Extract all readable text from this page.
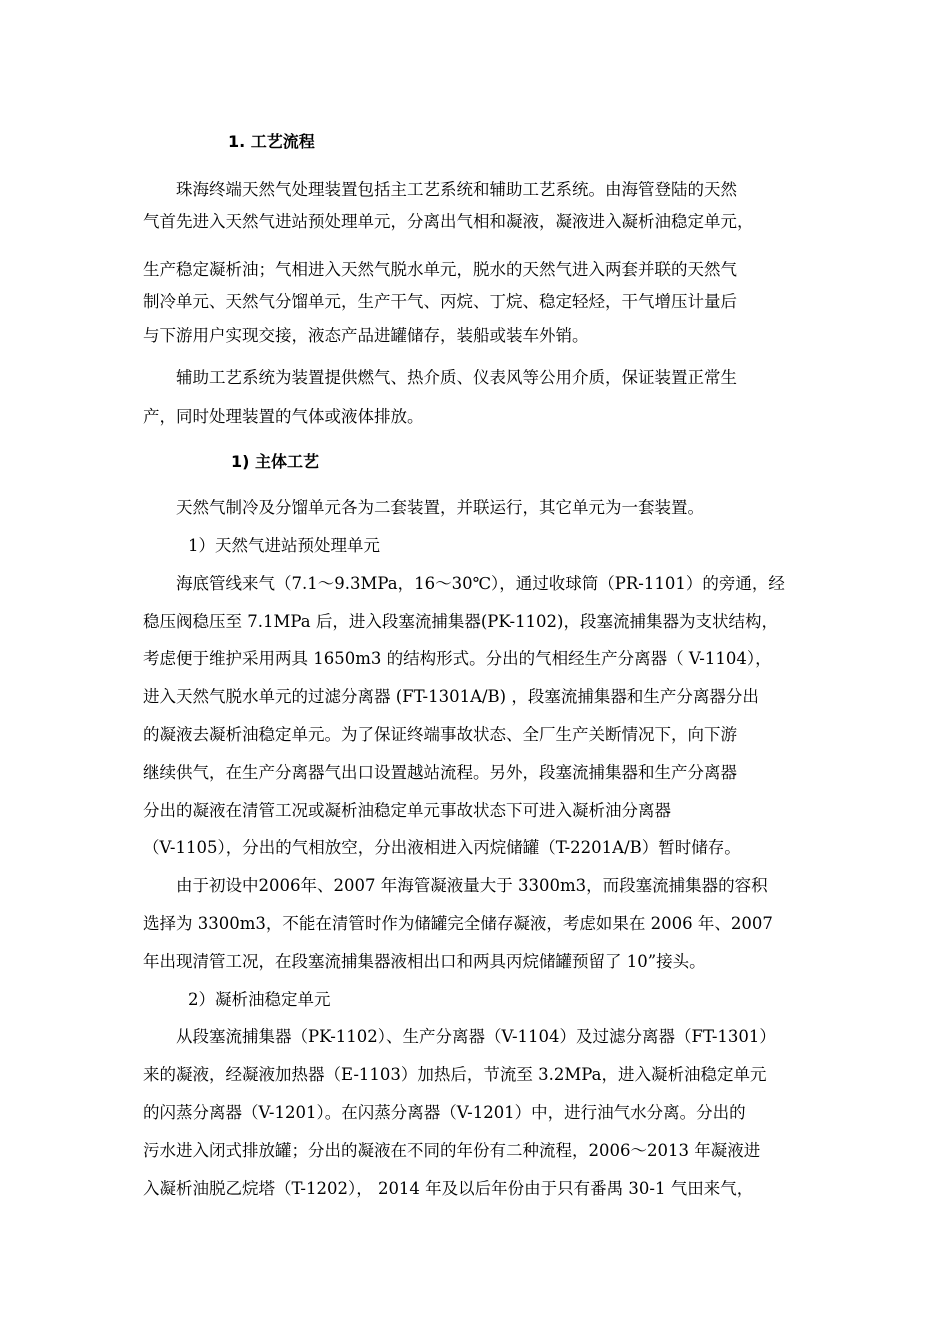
1. 工艺流程
珠海终端天然气处理装置包括主工艺系统和辅助工艺系统。由海管登陆的天然
气首先进入天然气进站预处理单元，分离出气相和凝液，凝液进入凝析油稳定单元，
生产稳定凝析油；气相进入天然气脱水单元，脱水的天然气进入两套并联的天然气
制冷单元、天然气分馏单元，生产干气、丙烷、丁烷、稳定轻烃，干气增压计量后
与下游用户实现交接，液态产品进罐储存，装船或装车外销。
辅助工艺系统为装置提供燃气、热介质、仪表风等公用介质，保证装置正常生
产，同时处理装置的气体或液体排放。
1) 主体工艺
天然气制冷及分馏单元各为二套装置，并联运行，其它单元为一套装置。
1）天然气进站预处理单元
海底管线来气（7.1～9.3MPa，16～30℃），通过收球筒（PR-1101）的旁通，经
稳压阀稳压至 7.1MPa 后，进入段塞流捕集器(PK-1102)，段塞流捕集器为支状结构，
考虑便于维护采用两具 1650m3 的结构形式。分出的气相经生产分离器（ V-1104），
进入天然气脱水单元的过滤分离器 (FT-1301A/B) ，段塞流捕集器和生产分离器分出
的凝液去凝析油稳定单元。为了保证终端事故状态、全厂生产关断情况下，向下游
继续供气，在生产分离器气出口设置越站流程。另外，段塞流捕集器和生产分离器
分出的凝液在清管工况或凝析油稳定单元事故状态下可进入凝析油分离器
（V-1105），分出的气相放空，分出液相进入丙烷储罐（T-2201A/B）暂时储存。
由于初设中2006年、2007 年海管凝液量大于 3300m3，而段塞流捕集器的容积
选择为 3300m3，不能在清管时作为储罐完全储存凝液，考虑如果在 2006 年、2007
年出现清管工况，在段塞流捕集器液相出口和两具丙烷储罐预留了 10”接头。
2）凝析油稳定单元
从段塞流捕集器（PK-1102）、生产分离器（V-1104）及过滤分离器（FT-1301）
来的凝液，经凝液加热器（E-1103）加热后，节流至 3.2MPa，进入凝析油稳定单元
的闪蒸分离器（V-1201）。在闪蒸分离器（V-1201）中，进行油气水分离。分出的
污水进入闭式排放罐；分出的凝液在不同的年份有二种流程，2006～2013 年凝液进
入凝析油脱乙烷塔（T-1202）， 2014 年及以后年份由于只有番禺 30-1 气田来气，
